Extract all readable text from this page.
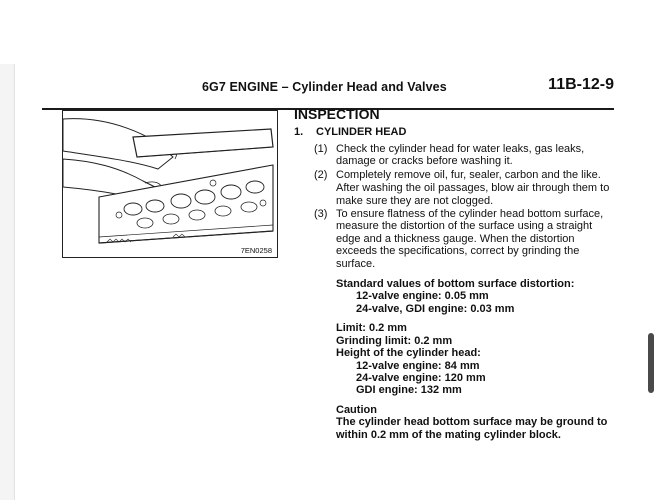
6G7 ENGINE – Cylinder Head and Valves	11B-12-9
7EN0258
INSPECTION
1. CYLINDER HEAD
(1) Check the cylinder head for water leaks, gas leaks, damage or cracks before washing it.
(2) Completely remove oil, fur, sealer, carbon and the like.
After washing the oil passages, blow air through them to make sure they are not clogged.
(3) To ensure flatness of the cylinder head bottom surface, measure the distortion of the surface using a straight edge and a thickness gauge. When the distortion exceeds the specifications, correct by grinding the surface.
Standard values of bottom surface distortion:
12-valve engine: 0.05 mm
24-valve, GDI engine: 0.03 mm
Limit: 0.2 mm
Grinding limit: 0.2 mm
Height of the cylinder head:
12-valve engine: 84 mm
24-valve engine: 120 mm
GDI engine: 132 mm
Caution
The cylinder head bottom surface may be ground to within 0.2 mm of the mating cylinder block.
